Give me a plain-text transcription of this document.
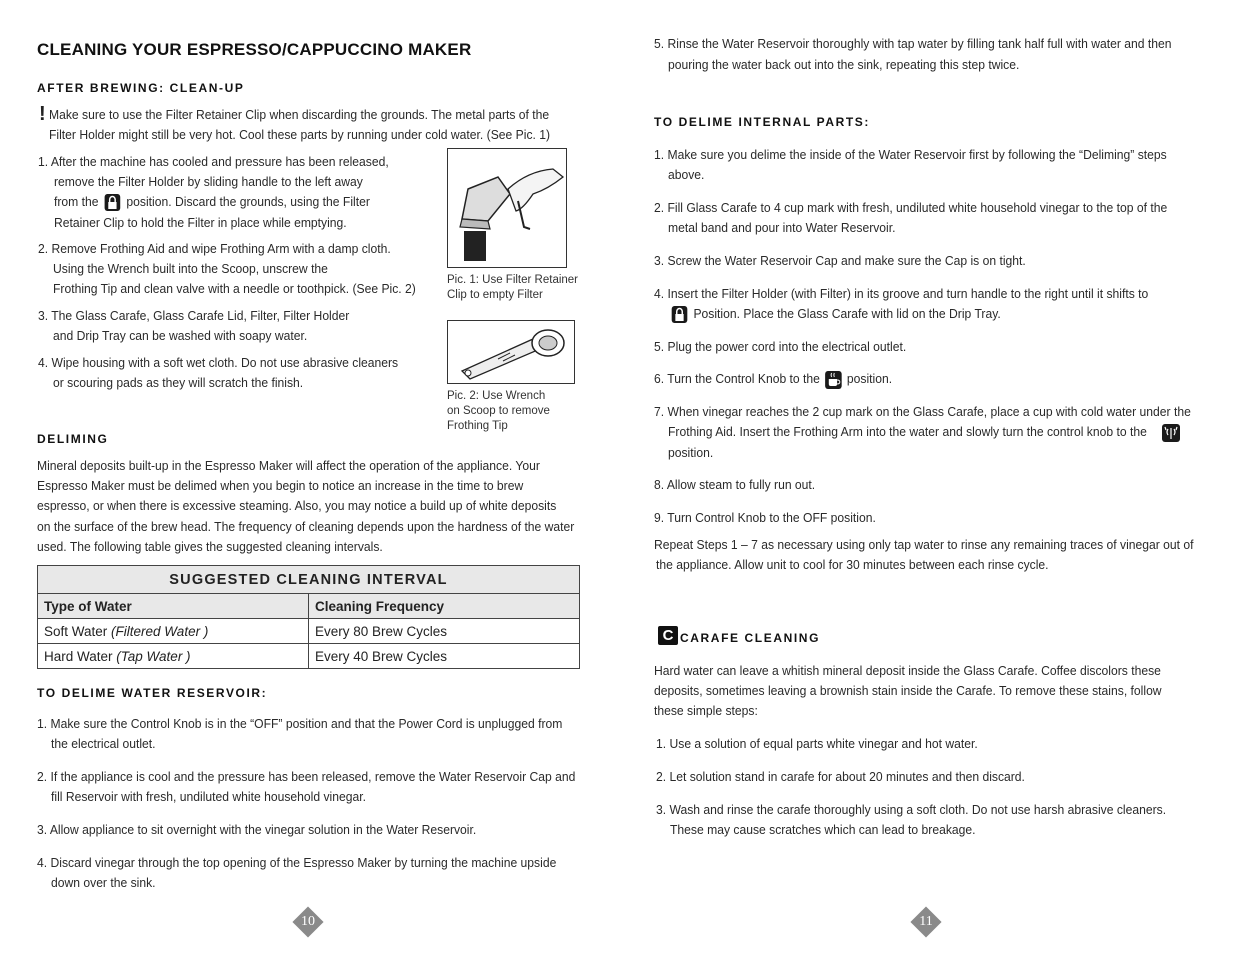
CLEANING YOUR ESPRESSO/CAPPUCCINO MAKER
AFTER BREWING: CLEAN-UP
! Make sure to use the Filter Retainer Clip when discarding the grounds. The metal parts of the
Filter Holder might still be very hot. Cool these parts by running under cold water. (See Pic. 1)
1. After the machine has cooled and pressure has been released,
remove the Filter Holder by sliding handle to the left away
from the position. Discard the grounds, using the Filter
Retainer Clip to hold the Filter in place while emptying.
2. Remove Frothing Aid and wipe Frothing Arm with a damp cloth.
Using the Wrench built into the Scoop, unscrew the
Frothing Tip and clean valve with a needle or toothpick. (See Pic. 2)
3. The Glass Carafe, Glass Carafe Lid, Filter, Filter Holder
and Drip Tray can be washed with soapy water.
4. Wipe housing with a soft wet cloth. Do not use abrasive cleaners
or scouring pads as they will scratch the finish.
Pic. 1: Use Filter Retainer
Clip to empty Filter
Pic. 2: Use Wrench
on Scoop to remove
Frothing Tip
DELIMING
Mineral deposits built-up in the Espresso Maker will affect the operation of the appliance. Your
Espresso Maker must be delimed when you begin to notice an increase in the time to brew
espresso, or when there is excessive steaming. Also, you may notice a build up of white deposits
on the surface of the brew head. The frequency of cleaning depends upon the hardness of the water
used. The following table gives the suggested cleaning intervals.
SUGGESTED CLEANING INTERVAL	
Type of Water	Cleaning Frequency
Soft Water (Filtered Water )	Every 80 Brew Cycles
Hard Water (Tap Water )	Every 40 Brew Cycles
TO DELIME WATER RESERVOIR:
1. Make sure the Control Knob is in the “OFF” position and that the Power Cord is unplugged from
the electrical outlet.
2. If the appliance is cool and the pressure has been released, remove the Water Reservoir Cap and
fill Reservoir with fresh, undiluted white household vinegar.
3. Allow appliance to sit overnight with the vinegar solution in the Water Reservoir.
4. Discard vinegar through the top opening of the Espresso Maker by turning the machine upside
down over the sink.
10
5. Rinse the Water Reservoir thoroughly with tap water by filling tank half full with water and then
pouring the water back out into the sink, repeating this step twice.
TO DELIME INTERNAL PARTS:
1. Make sure you delime the inside of the Water Reservoir first by following the “Deliming” steps
above.
2. Fill Glass Carafe to 4 cup mark with fresh, undiluted white household vinegar to the top of the
metal band and pour into Water Reservoir.
3. Screw the Water Reservoir Cap and make sure the Cap is on tight.
4. Insert the Filter Holder (with Filter) in its groove and turn handle to the right until it shifts to
Position. Place the Glass Carafe with lid on the Drip Tray.
5. Plug the power cord into the electrical outlet.
6. Turn the Control Knob to the position.
7. When vinegar reaches the 2 cup mark on the Glass Carafe, place a cup with cold water under the
Frothing Aid. Insert the Frothing Arm into the water and slowly turn the control knob to the
position.
8. Allow steam to fully run out.
9. Turn Control Knob to the OFF position.
Repeat Steps 1 – 7 as necessary using only tap water to rinse any remaining traces of vinegar out of
the appliance. Allow unit to cool for 30 minutes between each rinse cycle.
C CARAFE CLEANING
Hard water can leave a whitish mineral deposit inside the Glass Carafe. Coffee discolors these
deposits, sometimes leaving a brownish stain inside the Carafe. To remove these stains, follow
these simple steps:
1. Use a solution of equal parts white vinegar and hot water.
2. Let solution stand in carafe for about 20 minutes and then discard.
3. Wash and rinse the carafe thoroughly using a soft cloth. Do not use harsh abrasive cleaners.
These may cause scratches which can lead to breakage.
11
